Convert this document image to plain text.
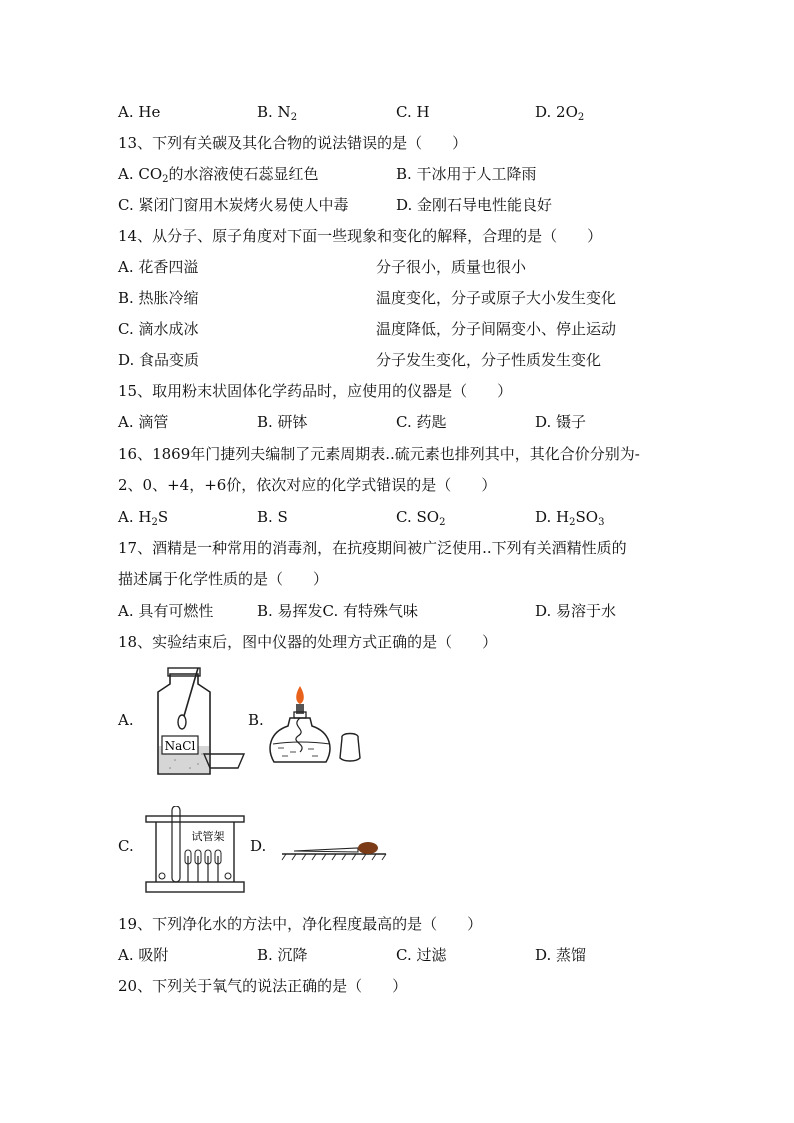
A. He	B. $N_2$	C. H	D. $2O_2$
13、下列有关碳及其化合物的说法错误的是（　　）
A. $CO_2$的水溶液使石蕊显红色	B. 干冰用于人工降雨
C. 紧闭门窗用木炭烤火易使人中毒	D. 金刚石导电性能良好
14、从分子、原子角度对下面一些现象和变化的解释，合理的是（　　）
A. 花香四溢	分子很小，质量也很小
B. 热胀冷缩	温度变化，分子或原子大小发生变化
C. 滴水成冰	温度降低，分子间隔变小、停止运动
D. 食品变质	分子发生变化，分子性质发生变化
15、取用粉末状固体化学药品时，应使用的仪器是（　　）
A. 滴管	B. 研钵	C. 药匙	D. 镊子
16、1869年门捷列夫编制了元素周期表..硫元素也排列其中，其化合价分别为-
2、0、+4，+6价，依次对应的化学式错误的是（　　）
A. $H_2S$	B. S	C. $SO_2$	D. $H_2SO_3$
17、酒精是一种常用的消毒剂，在抗疫期间被广泛使用..下列有关酒精性质的
描述属于化学性质的是（　　）
A. 具有可燃性	B. 易挥发C. 有特殊气味	D. 易溶于水
18、实验结束后，图中仪器的处理方式正确的是（　　）
A.
NaCl
B.
C.
试管架
D.
19、下列净化水的方法中，净化程度最高的是（　　）
A. 吸附	B. 沉降	C. 过滤	D. 蒸馏
20、下列关于氧气的说法正确的是（　　）
